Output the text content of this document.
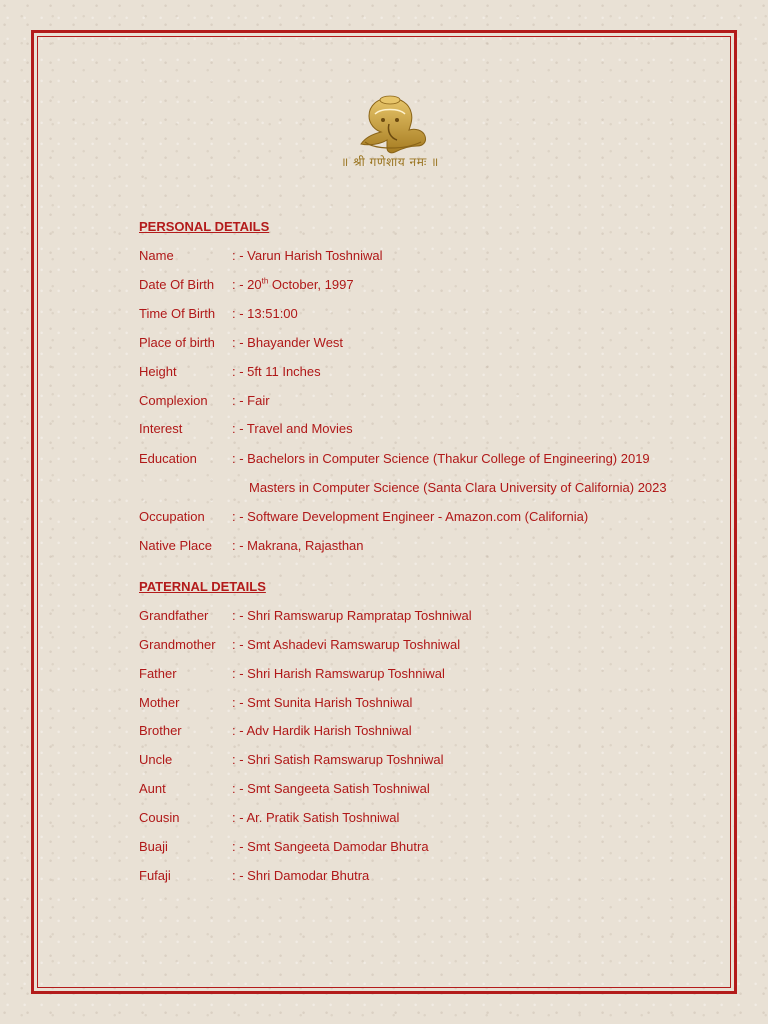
॥ श्री गणेशाय नमः ॥
PERSONAL DETAILS
Name	: - Varun Harish Toshniwal
Date Of Birth	: - 20th October, 1997
Time Of Birth	: - 13:51:00
Place of birth	: - Bhayander West
Height	: - 5ft 11 Inches
Complexion	: - Fair
Interest	: - Travel and Movies
Education	: - Bachelors in Computer Science (Thakur College of Engineering) 2019
Masters in Computer Science (Santa Clara University of California) 2023
Occupation	: - Software Development Engineer - Amazon.com (California)
Native Place	: - Makrana, Rajasthan
PATERNAL DETAILS
Grandfather	: - Shri Ramswarup Rampratap Toshniwal
Grandmother	: - Smt Ashadevi Ramswarup Toshniwal
Father	: - Shri Harish Ramswarup Toshniwal
Mother	: - Smt Sunita Harish Toshniwal
Brother	: - Adv Hardik Harish Toshniwal
Uncle	: - Shri Satish Ramswarup Toshniwal
Aunt	: - Smt Sangeeta Satish Toshniwal
Cousin	: - Ar. Pratik Satish Toshniwal
Buaji	: - Smt Sangeeta Damodar Bhutra
Fufaji	: - Shri Damodar Bhutra
